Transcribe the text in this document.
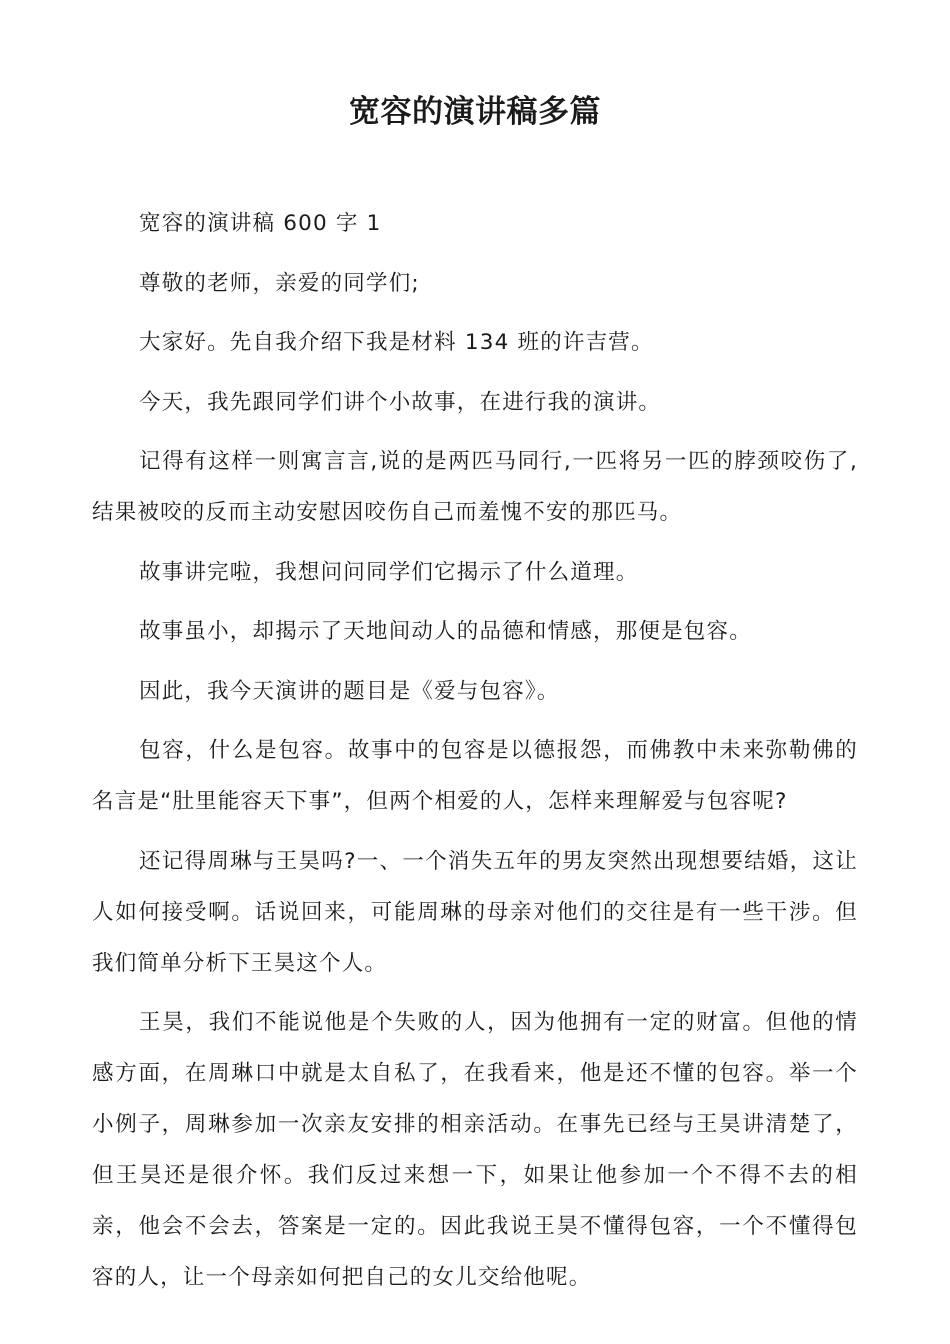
宽容的演讲稿多篇

宽容的演讲稿 600 字 1

尊敬的老师，亲爱的同学们;

大家好。先自我介绍下我是材料 134 班的许吉营。

今天，我先跟同学们讲个小故事，在进行我的演讲。

记得有这样一则寓言言,说的是两匹马同行,一匹将另一匹的脖颈咬伤了,结果被咬的反而主动安慰因咬伤自己而羞愧不安的那匹马。

故事讲完啦，我想问问同学们它揭示了什么道理。

故事虽小，却揭示了天地间动人的品德和情感，那便是包容。

因此，我今天演讲的题目是《爱与包容》。

包容，什么是包容。故事中的包容是以德报怨，而佛教中未来弥勒佛的名言是“肚里能容天下事”，但两个相爱的人，怎样来理解爱与包容呢?

还记得周琳与王昊吗?一、一个消失五年的男友突然出现想要结婚，这让人如何接受啊。话说回来，可能周琳的母亲对他们的交往是有一些干涉。但我们简单分析下王昊这个人。

王昊，我们不能说他是个失败的人，因为他拥有一定的财富。但他的情感方面，在周琳口中就是太自私了，在我看来，他是还不懂的包容。举一个小例子，周琳参加一次亲友安排的相亲活动。在事先已经与王昊讲清楚了，但王昊还是很介怀。我们反过来想一下，如果让他参加一个不得不去的相亲，他会不会去，答案是一定的。因此我说王昊不懂得包容，一个不懂得包容的人，让一个母亲如何把自己的女儿交给他呢。
